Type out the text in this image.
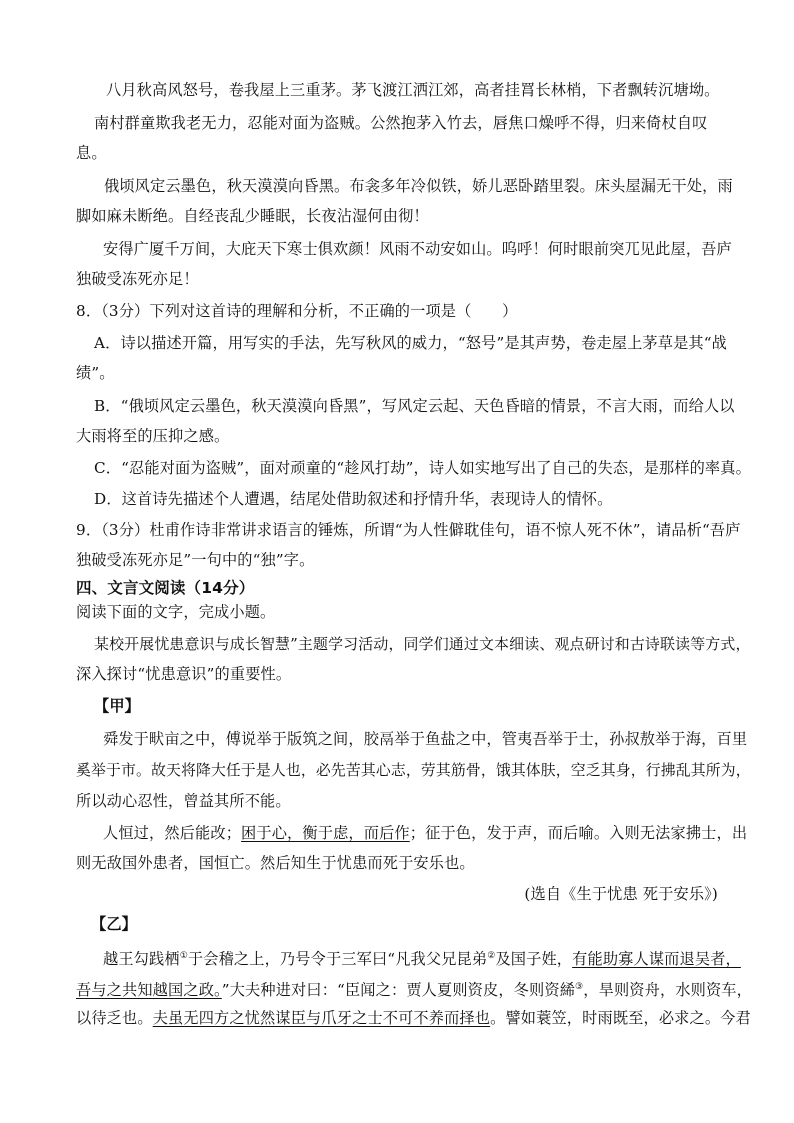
八月秋高风怒号，卷我屋上三重茅。茅飞渡江洒江郊，高者挂罥长林梢，下者飘转沉塘坳。
南村群童欺我老无力，忍能对面为盗贼。公然抱茅入竹去，唇焦口燥呼不得，归来倚杖自叹
息。
俄顷风定云墨色，秋天漠漠向昏黑。布衾多年冷似铁，娇儿恶卧踏里裂。床头屋漏无干处，雨
脚如麻未断绝。自经丧乱少睡眠，长夜沾湿何由彻！
安得广厦千万间，大庇天下寒士俱欢颜！风雨不动安如山。呜呼！何时眼前突兀见此屋，吾庐
独破受冻死亦足！
8．（3分）下列对这首诗的理解和分析，不正确的一项是（　　）
A．诗以描述开篇，用写实的手法，先写秋风的威力，“怒号”是其声势，卷走屋上茅草是其“战
绩”。
B．“俄顷风定云墨色，秋天漠漠向昏黑”，写风定云起、天色昏暗的情景，不言大雨，而给人以
大雨将至的压抑之感。
C．“忍能对面为盗贼”，面对顽童的“趁风打劫”，诗人如实地写出了自己的失态，是那样的率真。
D．这首诗先描述个人遭遇，结尾处借助叙述和抒情升华，表现诗人的情怀。
9．（3分）杜甫作诗非常讲求语言的锤炼，所谓“为人性僻耽佳句，语不惊人死不休”，请品析“吾庐
独破受冻死亦足”一句中的“独”字。
四、文言文阅读（14分）
阅读下面的文字，完成小题。
某校开展忧患意识与成长智慧”主题学习活动，同学们通过文本细读、观点研讨和古诗联读等方式，
深入探讨“忧患意识”的重要性。
【甲】
舜发于畎亩之中，傅说举于版筑之间，胶鬲举于鱼盐之中，管夷吾举于士，孙叔敖举于海，百里
奚举于市。故天将降大任于是人也，必先苦其心志，劳其筋骨，饿其体肤，空乏其身，行拂乱其所为，
所以动心忍性，曾益其所不能。
人恒过，然后能改；困于心，衡于虑，而后作；征于色，发于声，而后喻。入则无法家拂士，出
则无敌国外患者，国恒亡。然后知生于忧患而死于安乐也。
(选自《生于忧患 死于安乐》)
【乙】
越王勾践栖①于会稽之上，乃号令于三军曰“凡我父兄昆弟②及国子姓，有能助寡人谋而退吴者，
吾与之共知越国之政。”大夫种进对曰：“臣闻之：贾人夏则资皮，冬则资絺③，旱则资舟，水则资车，
以待乏也。夫虽无四方之忧然谋臣与爪牙之士不可不养而择也。譬如蓑笠，时雨既至，必求之。今君
